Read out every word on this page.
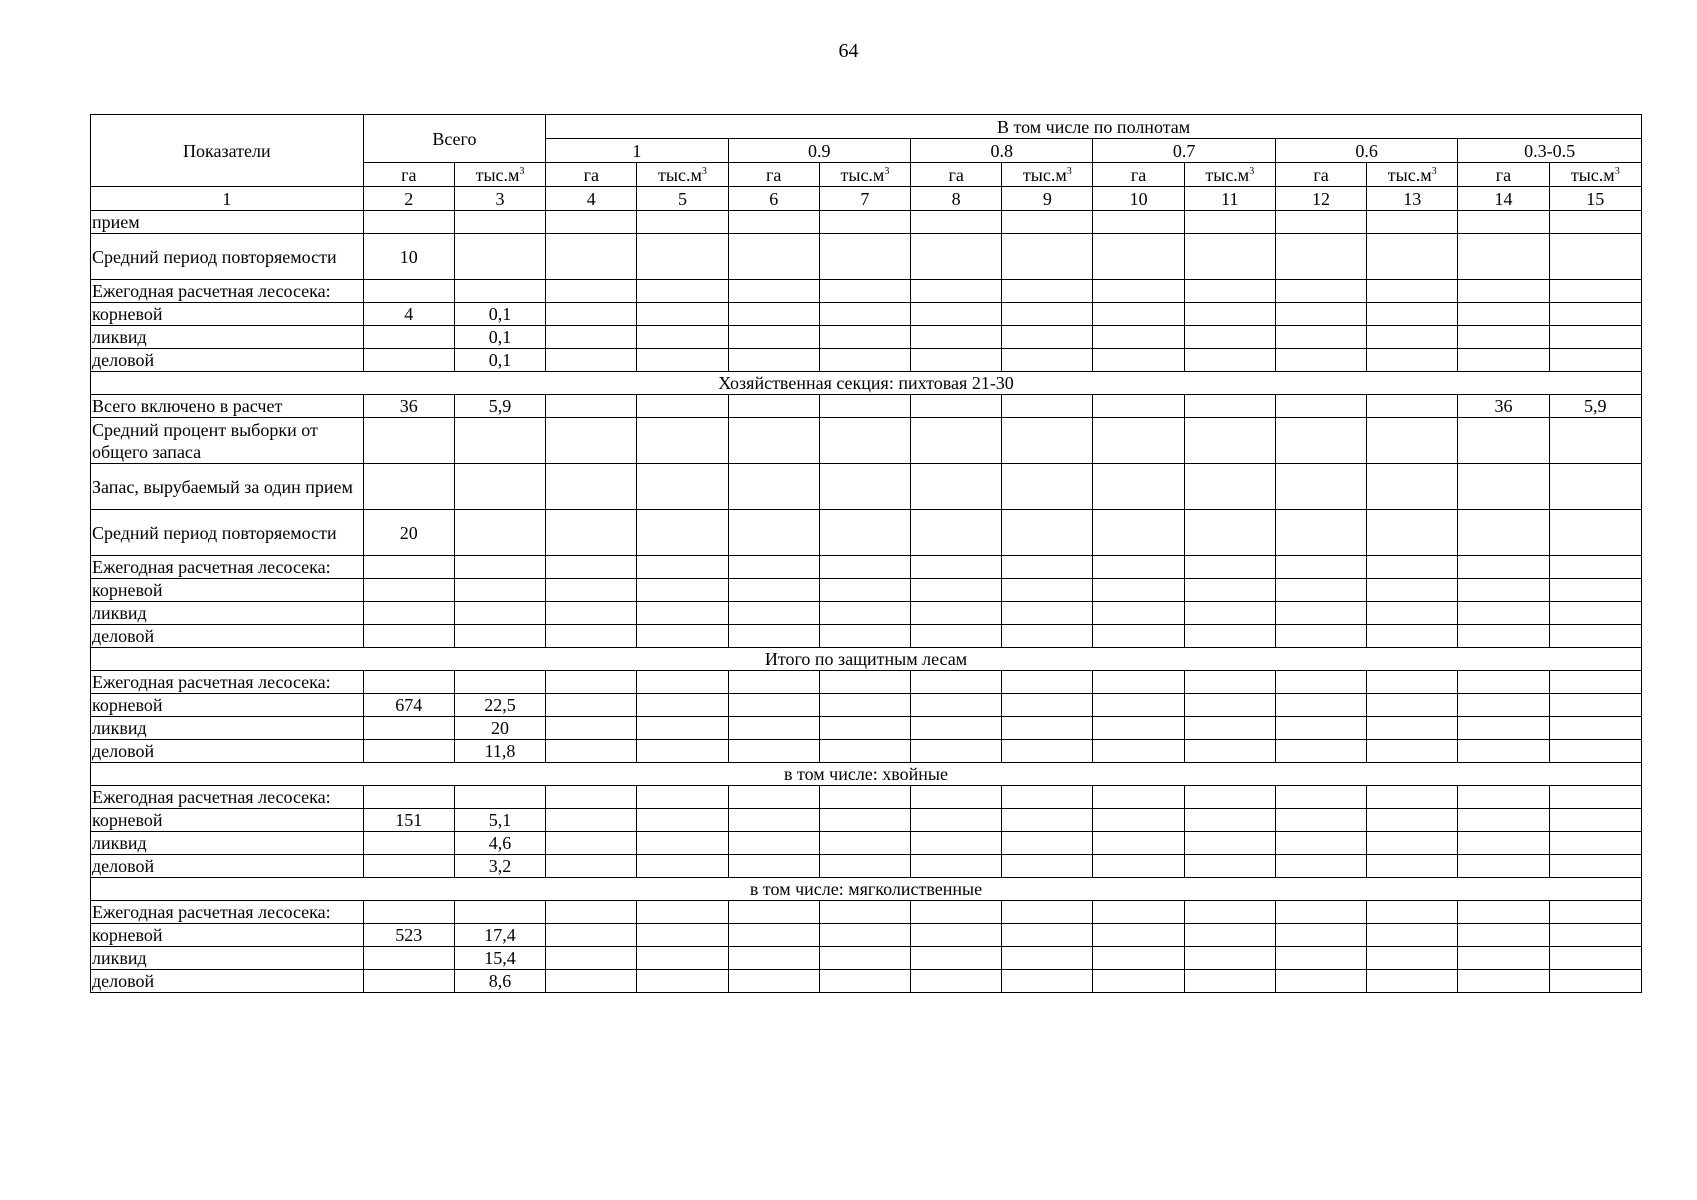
64
Показатели	Всего		В том числе по полнотам											
			1		0.9		0.8		0.7		0.6		0.3-0.5	
	га	$тыс.м^3$	га	$тыс.м^3$	га	$тыс.м^3$	га	$тыс.м^3$	га	$тыс.м^3$	га	$тыс.м^3$	га	$тыс.м^3$
1	2	3	4	5	6	7	8	9	10	11	12	13	14	15
прием														
Средний период повторяемости	10													
Ежегодная расчетная лесосека:														
корневой	4	0,1												
ликвид		0,1												
деловой		0,1												
Хозяйственная секция: пихтовая 21-30														
Всего включено в расчет	36	5,9											36	5,9
Средний процент выборки от общего запаса														
Запас, вырубаемый за один прием														
Средний период повторяемости	20													
Ежегодная расчетная лесосека:														
корневой														
ликвид														
деловой														
Итого по защитным лесам														
Ежегодная расчетная лесосека:														
корневой	674	22,5												
ликвид		20												
деловой		11,8												
в том числе: хвойные														
Ежегодная расчетная лесосека:														
корневой	151	5,1												
ликвид		4,6												
деловой		3,2												
в том числе: мягколиственные														
Ежегодная расчетная лесосека:														
корневой	523	17,4												
ликвид		15,4												
деловой		8,6												
